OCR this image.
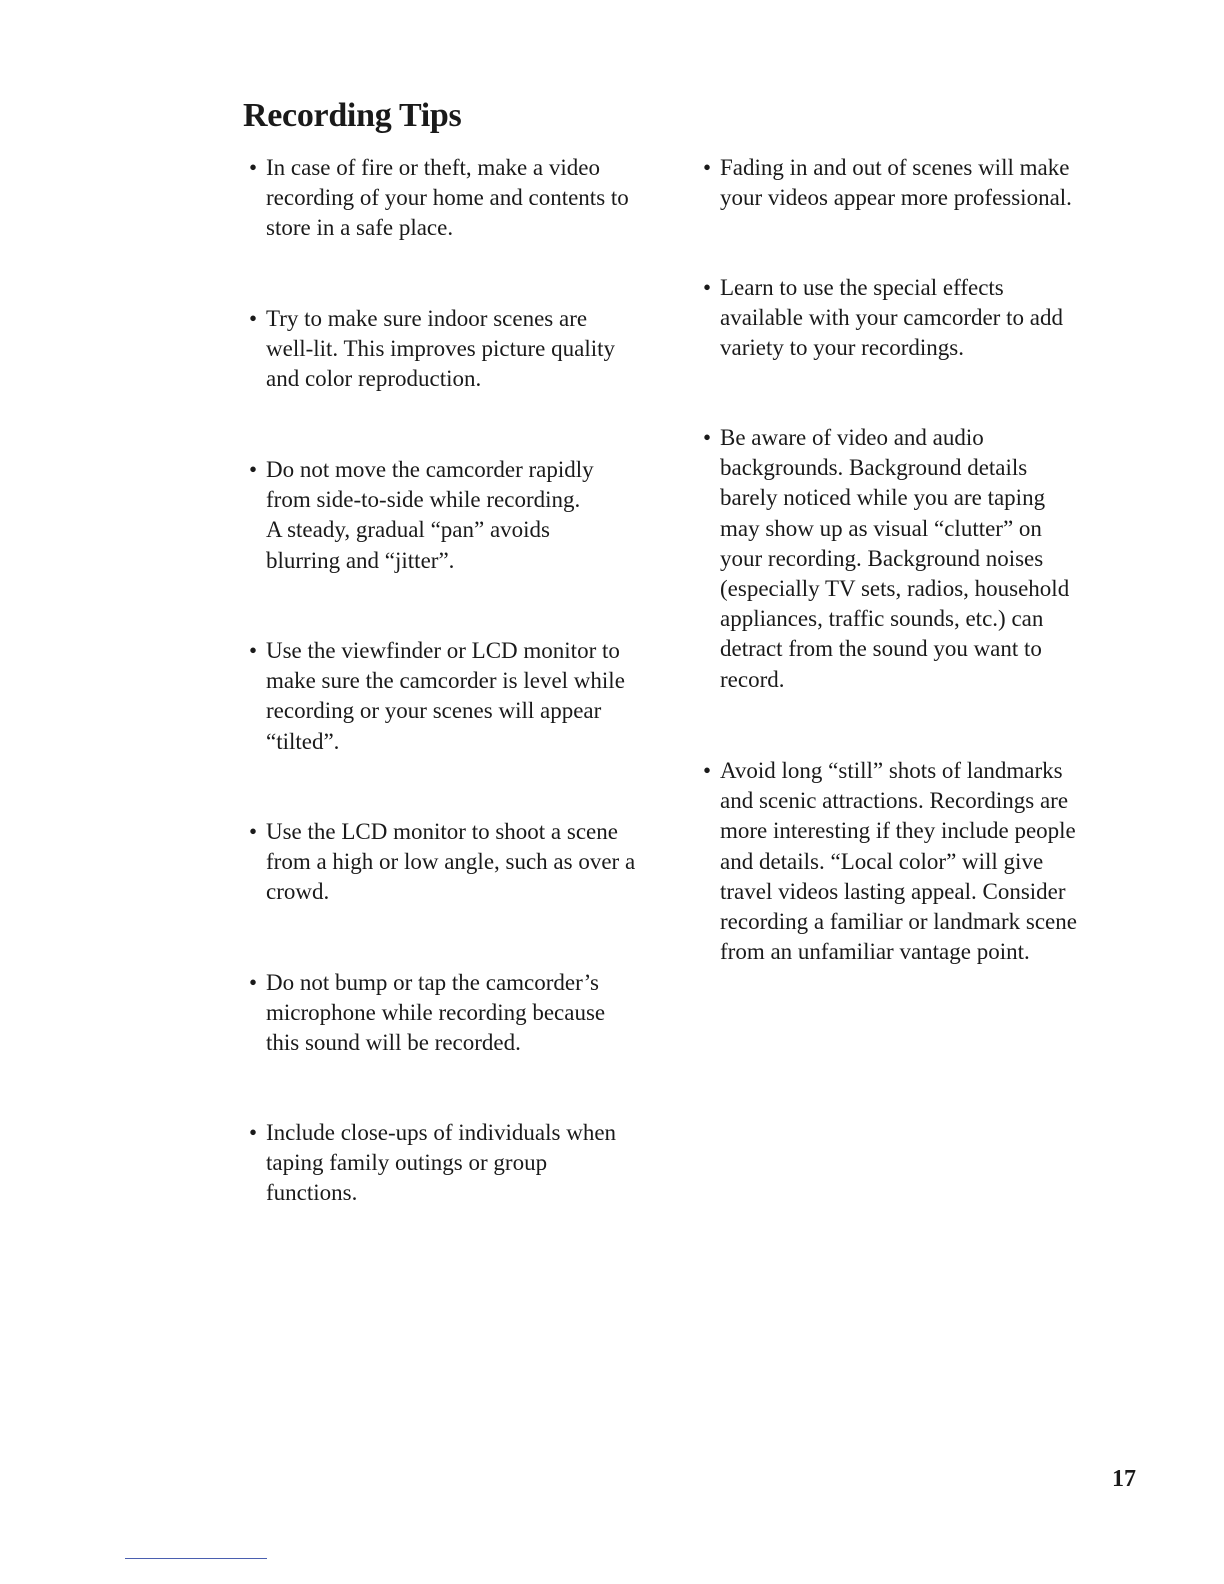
Recording Tips
• In case of fire or theft, make a video
recording of your home and contents to
store in a safe place.
• Try to make sure indoor scenes are
well-lit. This improves picture quality
and color reproduction.
• Do not move the camcorder rapidly
from side-to-side while recording.
A steady, gradual “pan” avoids
blurring and “jitter”.
• Use the viewfinder or LCD monitor to
make sure the camcorder is level while
recording or your scenes will appear
“tilted”.
• Use the LCD monitor to shoot a scene
from a high or low angle, such as over a
crowd.
• Do not bump or tap the camcorder’s
microphone while recording because
this sound will be recorded.
• Include close-ups of individuals when
taping family outings or group
functions.
• Fading in and out of scenes will make
your videos appear more professional.
• Learn to use the special effects
available with your camcorder to add
variety to your recordings.
• Be aware of video and audio
backgrounds. Background details
barely noticed while you are taping
may show up as visual “clutter” on
your recording. Background noises
(especially TV sets, radios, household
appliances, traffic sounds, etc.) can
detract from the sound you want to
record.
• Avoid long “still” shots of landmarks
and scenic attractions. Recordings are
more interesting if they include people
and details. “Local color” will give
travel videos lasting appeal. Consider
recording a familiar or landmark scene
from an unfamiliar vantage point.
17
